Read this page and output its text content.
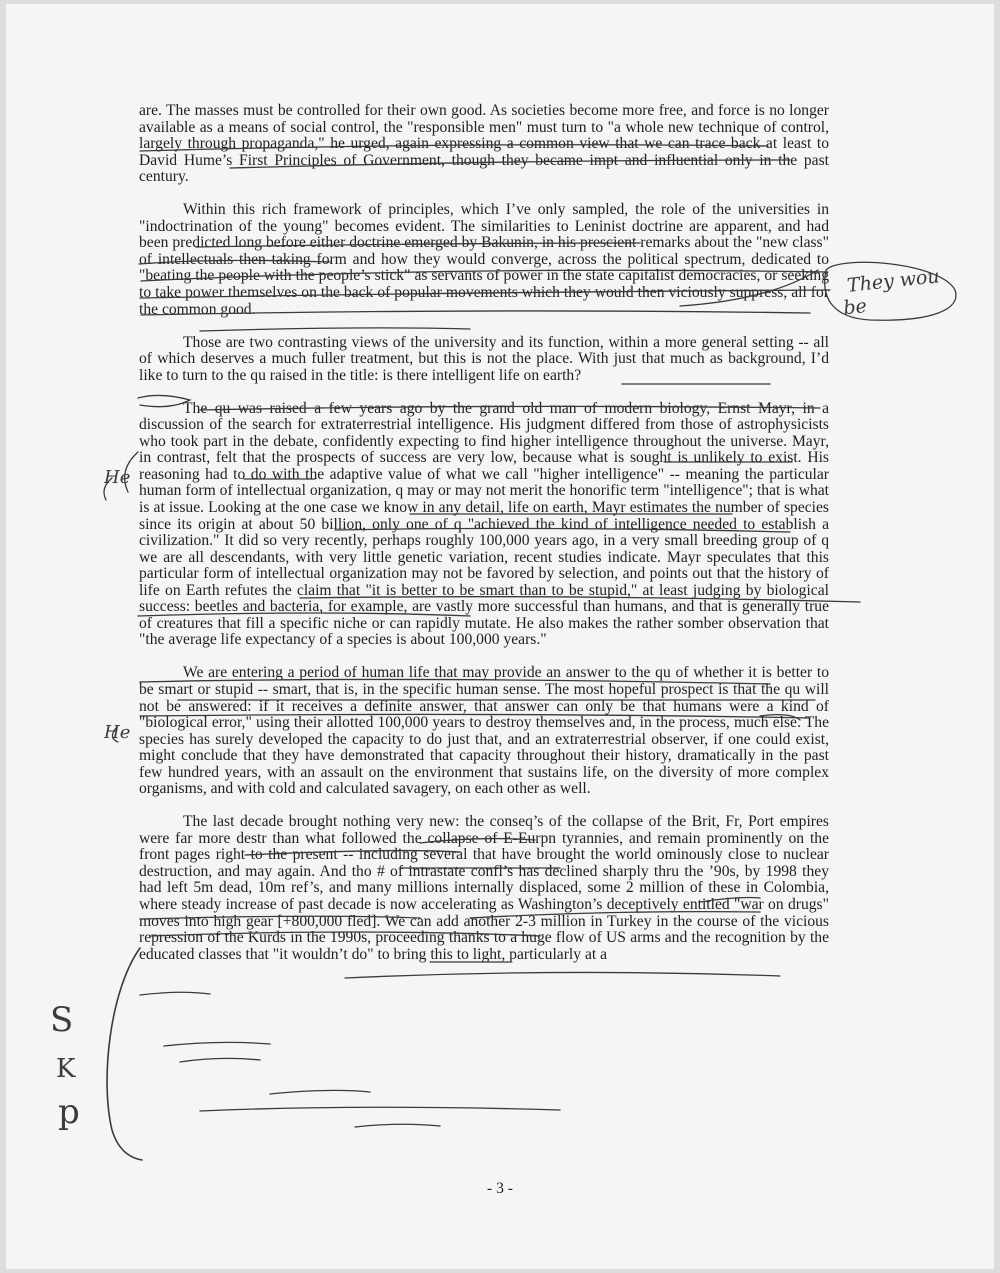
are. The masses must be controlled for their own good. As societies become more free, and force is no longer available as a means of social control, the "responsible men" must turn to "a whole new technique of control, largely through propaganda," he urged, again expressing a common view that we can trace back at least to David Hume’s First Principles of Government, though they became impt and influential only in the past century.

Within this rich framework of principles, which I’ve only sampled, the role of the universities in "indoctrination of the young" becomes evident. The similarities to Leninist doctrine are apparent, and had been predicted long before either doctrine emerged by Bakunin, in his prescient remarks about the "new class" of intellectuals then taking form and how they would converge, across the political spectrum, dedicated to "beating the people with the people’s stick" as servants of power in the state capitalist democracies, or seeking to take power themselves on the back of popular movements which they would then viciously suppress, all for the common good.

Those are two contrasting views of the university and its function, within a more general setting -- all of which deserves a much fuller treatment, but this is not the place. With just that much as background, I’d like to turn to the qu raised in the title: is there intelligent life on earth?

The qu was raised a few years ago by the grand old man of modern biology, Ernst Mayr, in a discussion of the search for extraterrestrial intelligence. His judgment differed from those of astrophysicists who took part in the debate, confidently expecting to find higher intelligence throughout the universe. Mayr, in contrast, felt that the prospects of success are very low, because what is sought is unlikely to exist. His reasoning had to do with the adaptive value of what we call "higher intelligence" -- meaning the particular human form of intellectual organization, q may or may not merit the honorific term "intelligence"; that is what is at issue. Looking at the one case we know in any detail, life on earth, Mayr estimates the number of species since its origin at about 50 billion, only one of q "achieved the kind of intelligence needed to establish a civilization." It did so very recently, perhaps roughly 100,000 years ago, in a very small breeding group of q we are all descendants, with very little genetic variation, recent studies indicate. Mayr speculates that this particular form of intellectual organization may not be favored by selection, and points out that the history of life on Earth refutes the claim that "it is better to be smart than to be stupid," at least judging by biological success: beetles and bacteria, for example, are vastly more successful than humans, and that is generally true of creatures that fill a specific niche or can rapidly mutate. He also makes the rather somber observation that "the average life expectancy of a species is about 100,000 years."

We are entering a period of human life that may provide an answer to the qu of whether it is better to be smart or stupid -- smart, that is, in the specific human sense. The most hopeful prospect is that the qu will not be answered: if it receives a definite answer, that answer can only be that humans were a kind of "biological error," using their allotted 100,000 years to destroy themselves and, in the process, much else. The species has surely developed the capacity to do just that, and an extraterrestrial observer, if one could exist, might conclude that they have demonstrated that capacity throughout their history, dramatically in the past few hundred years, with an assault on the environment that sustains life, on the diversity of more complex organisms, and with cold and calculated savagery, on each other as well.

The last decade brought nothing very new: the conseq’s of the collapse of the Brit, Fr, Port empires were far more destr than what followed the collapse of E-Eurpn tyrannies, and remain prominently on the front pages right to the present -- including several that have brought the world ominously close to nuclear destruction, and may again. And tho # of intrastate confl’s has declined sharply thru the ’90s, by 1998 they had left 5m dead, 10m ref’s, and many millions internally displaced, some 2 million of these in Colombia, where steady increase of past decade is now accelerating as Washington’s deceptively entitled "war on drugs" moves into high gear [+800,000 fled]. We can add another 2-3 million in Turkey in the course of the vicious repression of the Kurds in the 1990s, proceeding thanks to a huge flow of US arms and the recognition by the educated classes that "it wouldn’t do" to bring this to light, particularly at a

- 3 -
They wou
be
He
He
S
K
p
